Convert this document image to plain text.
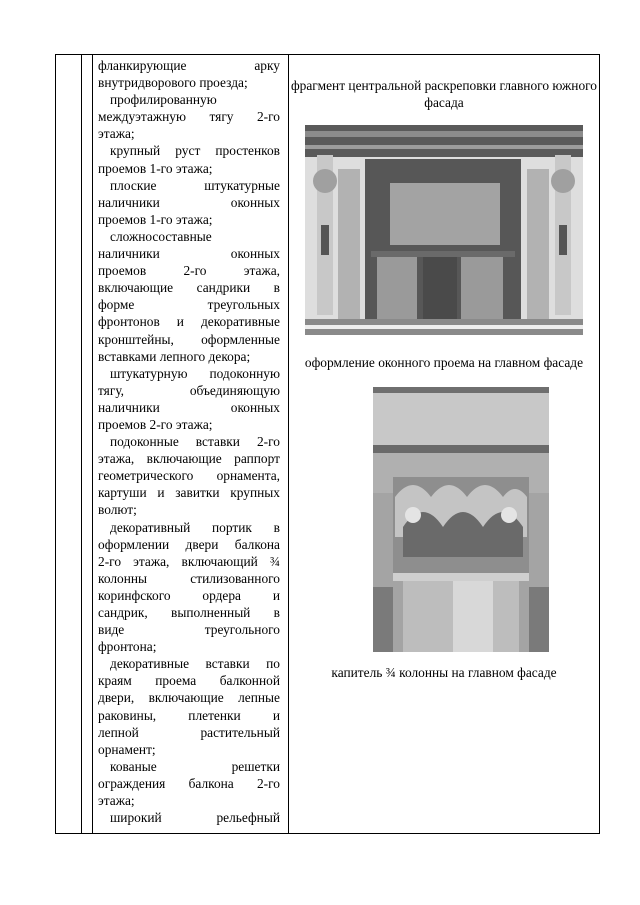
фланкирующие арку

внутридворового проезда;

профилированную

междуэтажную тягу 2-го

этажа;

крупный руст простенков

проемов 1-го этажа;

плоские штукатурные

наличники оконных

проемов 1-го этажа;

сложносоставные

наличники оконных

проемов 2-го этажа,

включающие сандрики в

форме треугольных

фронтонов и декоративные

кронштейны, оформленные

вставками лепного декора;

штукатурную подоконную

тягу, объединяющую

наличники оконных

проемов 2-го этажа;

подоконные вставки 2-го

этажа, включающие раппорт

геометрического орнамента,

картуши и завитки крупных

волют;

декоративный портик в

оформлении двери балкона

2-го этажа, включающий ¾

колонны стилизованного

коринфского ордера и

сандрик, выполненный в

виде треугольного

фронтона;

декоративные вставки по

краям проема балконной

двери, включающие лепные

раковины, плетенки и

лепной растительный

орнамент;

кованые решетки

ограждения балкона 2-го

этажа;

широкий рельефный

фрагмент центральной раскреповки главного южного фасада
оформление оконного проема на главном фасаде
капитель ¾ колонны на главном фасаде
